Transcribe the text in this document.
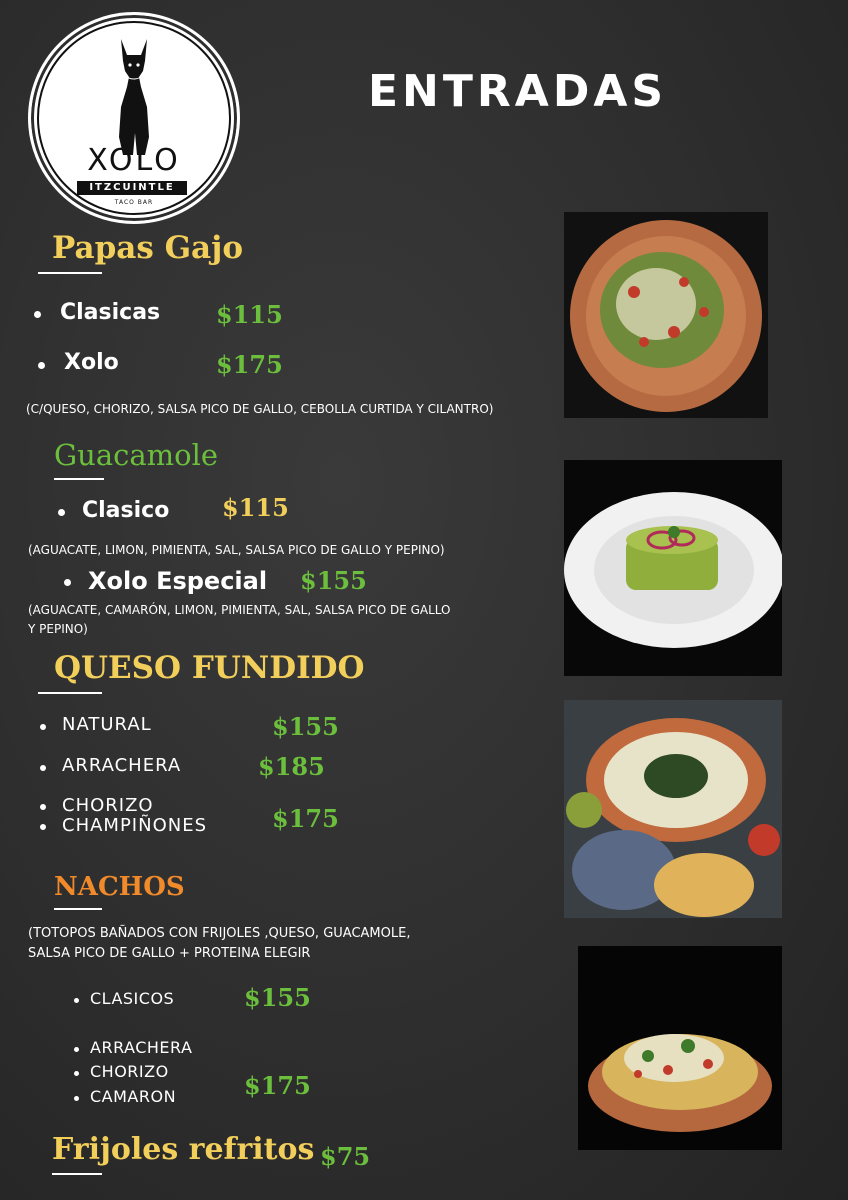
XOLO
ITZCUINTLE
TACO BAR
ENTRADAS
Papas Gajo
Clasicas $115
Xolo	$175
(C/QUESO, CHORIZO, SALSA PICO DE GALLO, CEBOLLA CURTIDA Y CILANTRO)
Guacamole
Clasico $115
(AGUACATE, LIMON, PIMIENTA, SAL, SALSA PICO DE GALLO Y PEPINO)
Xolo Especial $155
(AGUACATE, CAMARÓN, LIMON, PIMIENTA, SAL, SALSA PICO DE GALLO
Y PEPINO)
QUESO FUNDIDO
NATURAL	$155
ARRACHERA	$185
CHORIZO
CHAMPIÑONES	$175
NACHOS
(TOTOPOS BAÑADOS CON FRIJOLES ,QUESO, GUACAMOLE,
SALSA PICO DE GALLO + PROTEINA ELEGIR
CLASICOS	$155
ARRACHERA
CHORIZO
CAMARON	$175
Frijoles refritos $75
